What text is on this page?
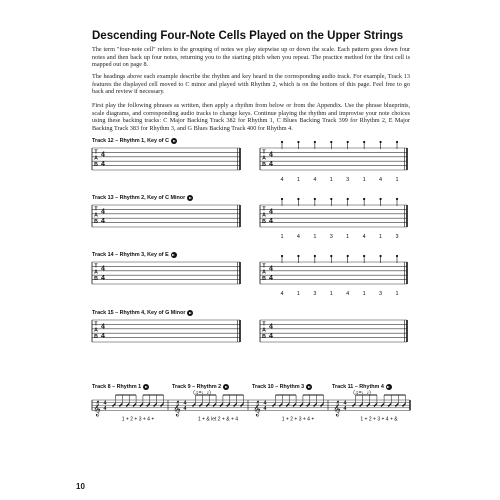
Descending Four-Note Cells Played on the Upper Strings

The term "four-note cell" refers to the grouping of notes we play stepwise up or down the scale. Each pattern goes down four notes and then back up four notes, returning you to the starting pitch when you repeat. The practice method for the first cell is mapped out on page 8.

The headings above each example describe the rhythm and key heard in the corresponding audio track. For example, Track 13 features the displayed cell moved to C minor and played with Rhythm 2, which is on the bottom of this page. Feel free to go back and review if necessary.

First play the following phrases as written, then apply a rhythm from below or from the Appendix. Use the phrase blueprints, scale diagrams, and corresponding audio tracks to change keys. Continue playing the rhythm and improvise your note choices using these backing tracks: C Major Backing Track 382 for Rhythm 1, C Blues Backing Track 399 for Rhythm 2, E Major Backing Track 383 for Rhythm 3, and G Blues Backing Track 400 for Rhythm 4.

Track 12 – Rhythm 1, Key of C
Track 13 – Rhythm 2, Key of C Minor
Track 14 – Rhythm 3, Key of E
Track 15 – Rhythm 4, Key of G Minor
Track 8 – Rhythm 1	Track 9 – Rhythm 2	Track 10 – Rhythm 3	Track 11 – Rhythm 4
T
A
B
4
4
T
A
B
4
4
4 1 4 1 3 1 4 1
T
A
B
4
4
T
A
B
4
4
1 4 1 3 1 4 1 3
T
A
B
4
4
T
A
B
4
4
4 1 3 1 4 1 3 1
T
A
B
4
4
T
A
B
4
4
𝄞 4
4
1 + 2 + 3 + 4 +
𝄞 4
4
(♫=♩♪)
1 + & let 2 + & + 4
𝄞 4
4
1 + 2 + 3 + 4 +
𝄞 4
4
(♫=♩♪)
1 + 2 + 3 + 4 + &
10
